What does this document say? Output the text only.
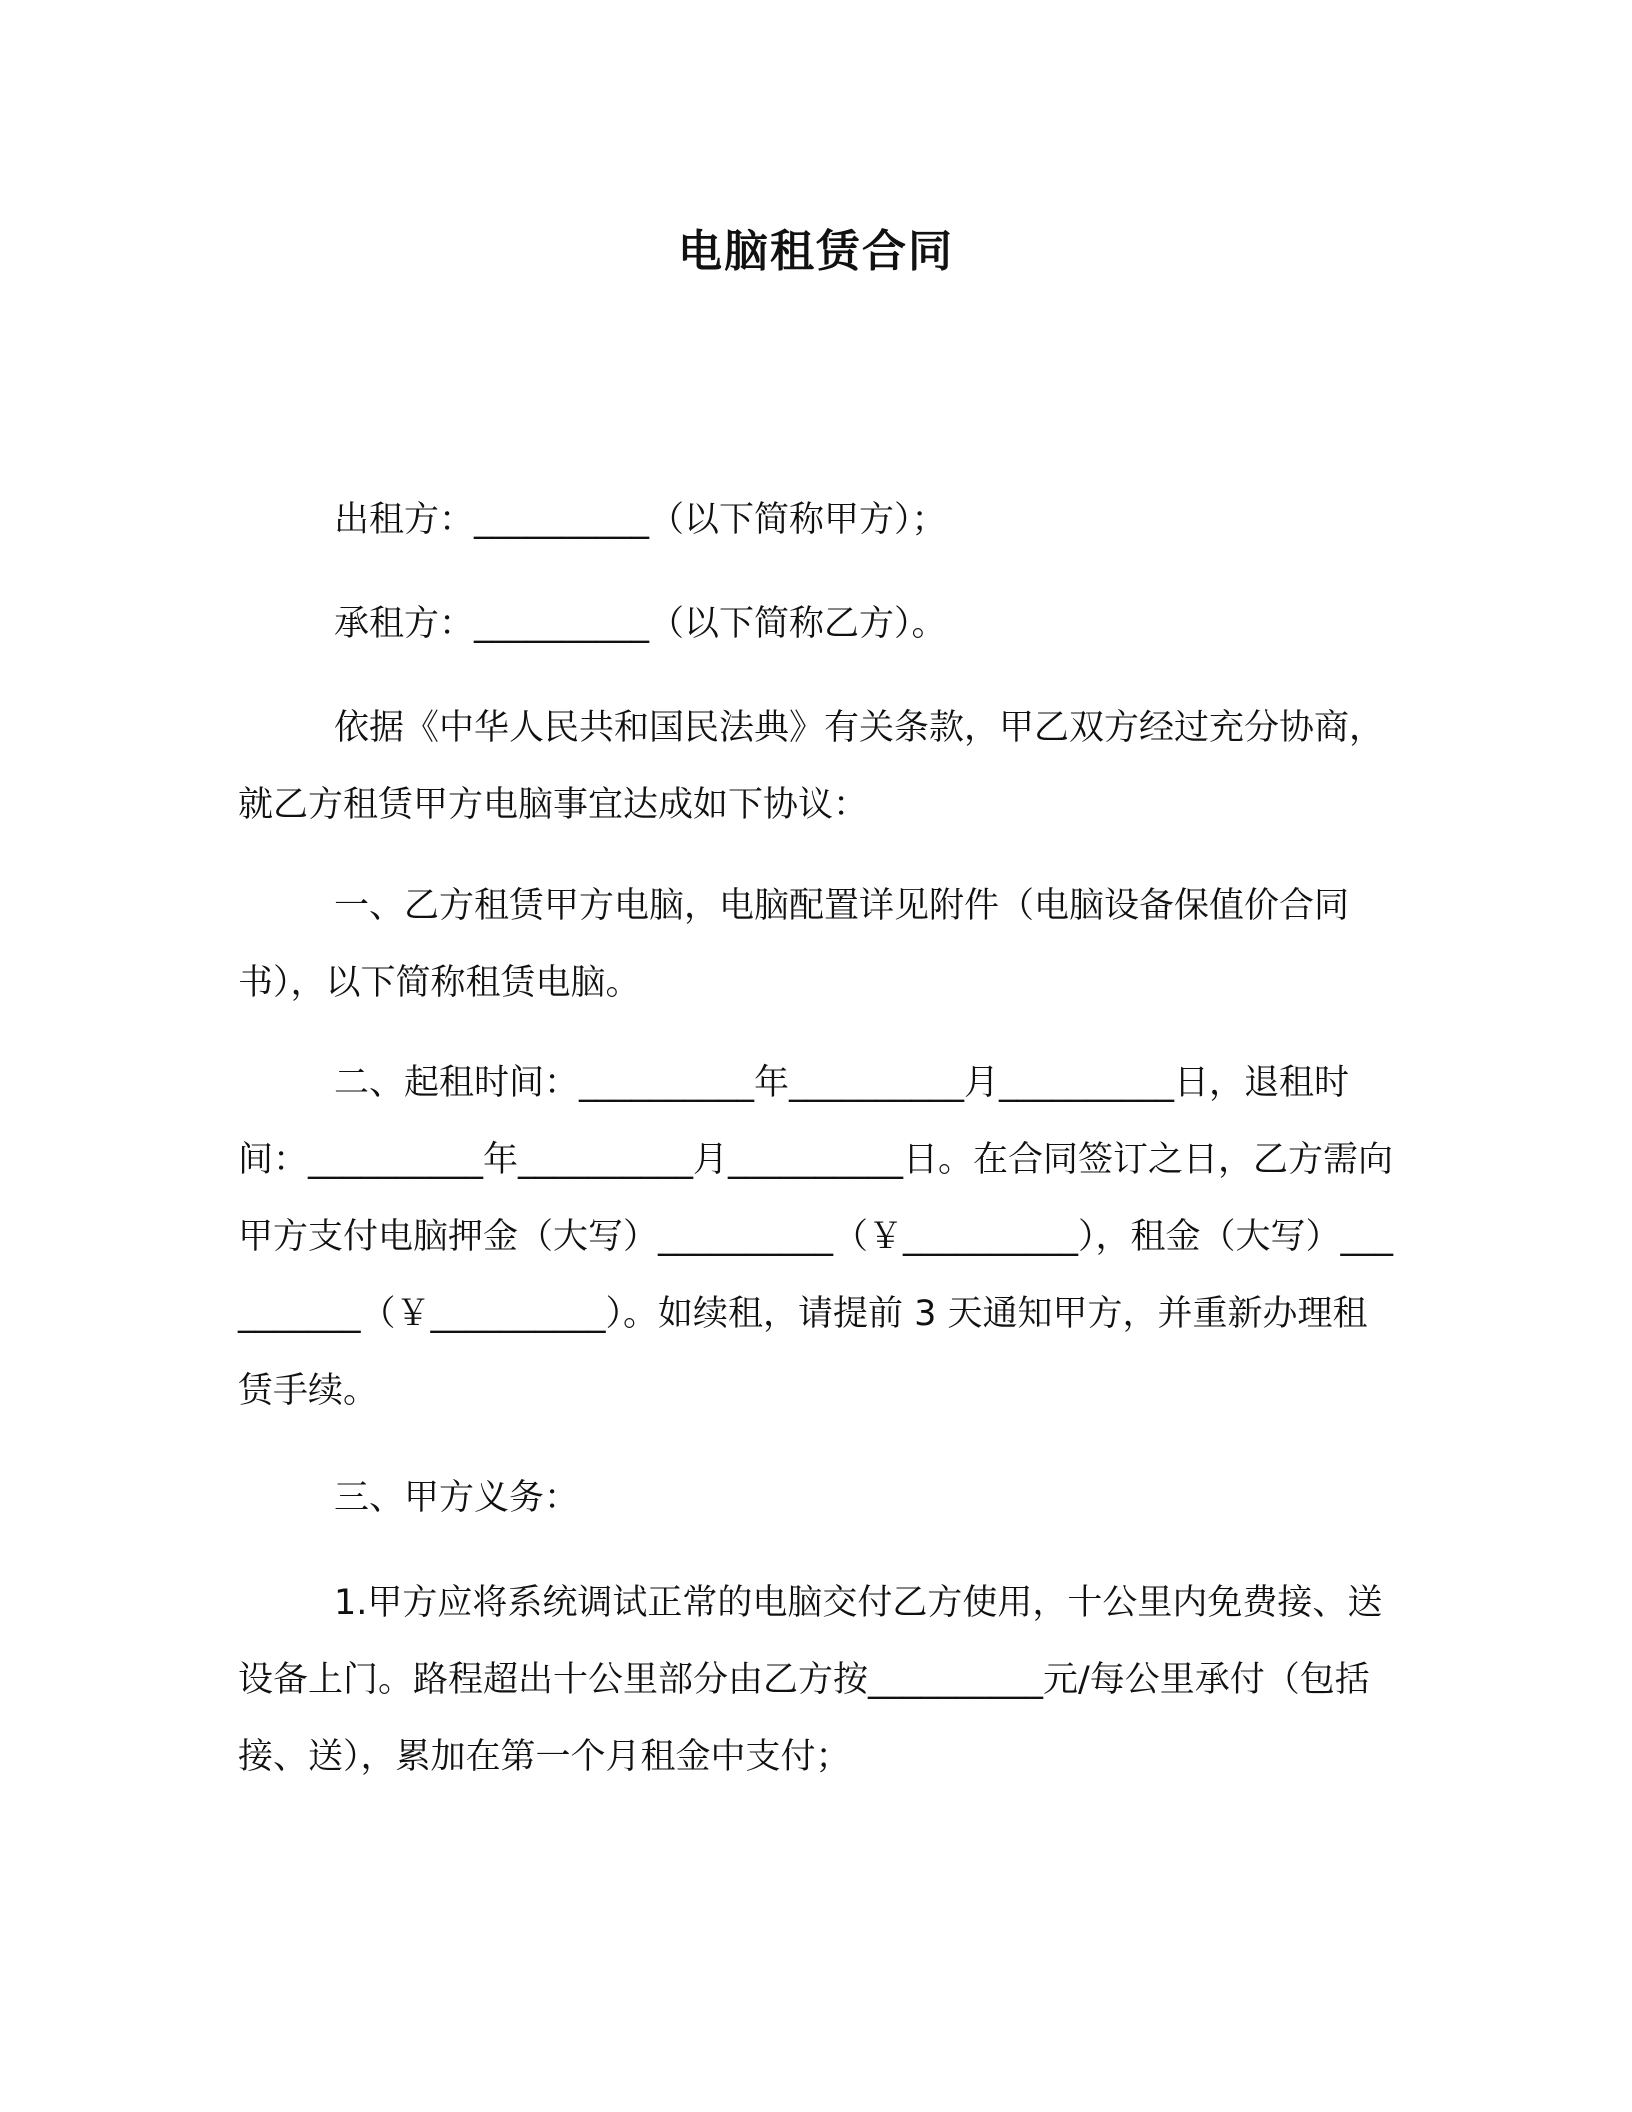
电脑租赁合同

出租方：__________（以下简称甲方）；

承租方：__________（以下简称乙方）。

依据《中华人民共和国民法典》有关条款，甲乙双方经过充分协商，就乙方租赁甲方电脑事宜达成如下协议：

一、乙方租赁甲方电脑，电脑配置详见附件（电脑设备保值价合同书），以下简称租赁电脑。

二、起租时间：__________年__________月__________日，退租时间：__________年__________月__________日。在合同签订之日，乙方需向甲方支付电脑押金（大写）__________（￥__________），租金（大写）__________（￥__________）。如续租，请提前 3 天通知甲方，并重新办理租赁手续。

三、甲方义务：

1.甲方应将系统调试正常的电脑交付乙方使用，十公里内免费接、送设备上门。路程超出十公里部分由乙方按__________元/每公里承付（包括接、送），累加在第一个月租金中支付；
